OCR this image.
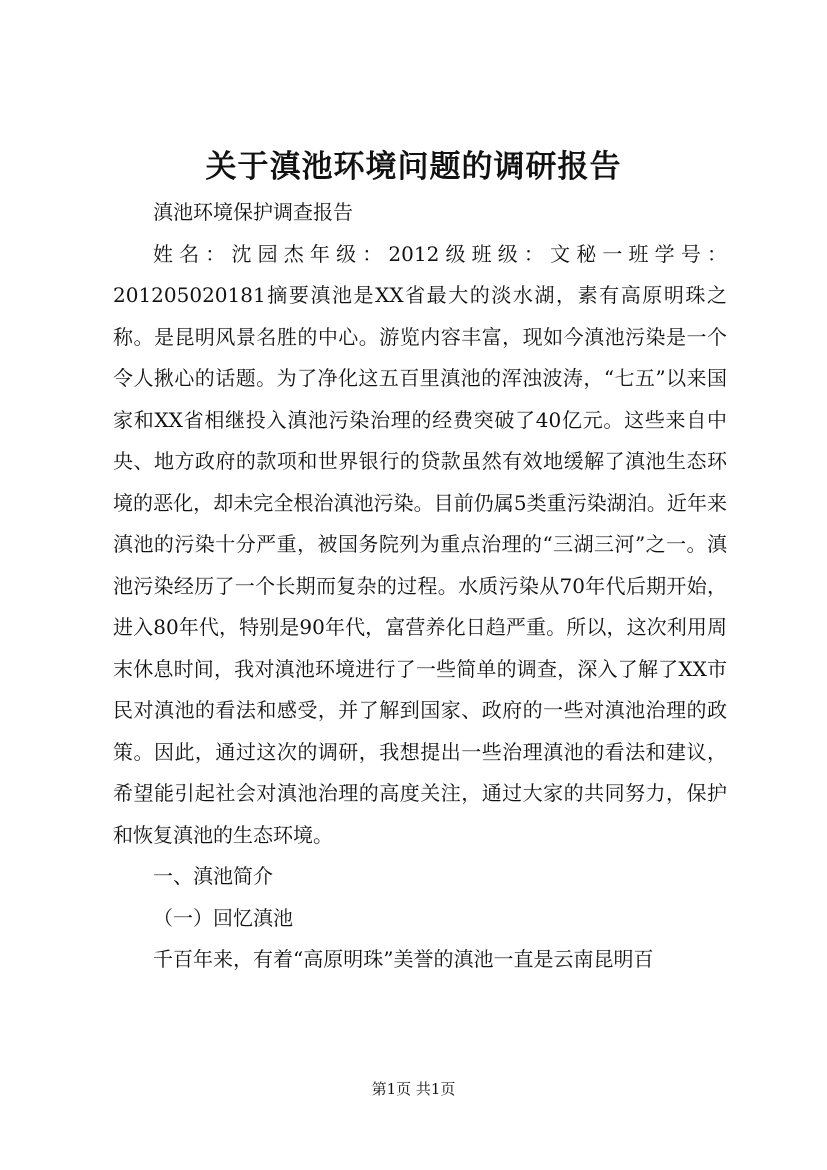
关于滇池环境问题的调研报告

滇池环境保护调查报告

姓名：沈园杰年级：2012级班级：文秘一班学号：

201205020181摘要滇池是XX省最大的淡水湖，素有高原明珠之称。是昆明风景名胜的中心。游览内容丰富，现如今滇池污染是一个令人揪心的话题。为了净化这五百里滇池的浑浊波涛，“七五”以来国家和XX省相继投入滇池污染治理的经费突破了40亿元。这些来自中央、地方政府的款项和世界银行的贷款虽然有效地缓解了滇池生态环境的恶化，却未完全根治滇池污染。目前仍属5类重污染湖泊。近年来滇池的污染十分严重，被国务院列为重点治理的“三湖三河”之一。滇池污染经历了一个长期而复杂的过程。水质污染从70年代后期开始，进入80年代，特别是90年代，富营养化日趋严重。所以，这次利用周末休息时间，我对滇池环境进行了一些简单的调查，深入了解了XX市民对滇池的看法和感受，并了解到国家、政府的一些对滇池治理的政策。因此，通过这次的调研，我想提出一些治理滇池的看法和建议，希望能引起社会对滇池治理的高度关注，通过大家的共同努力，保护和恢复滇池的生态环境。

一、滇池简介

（一）回忆滇池

千百年来，有着“高原明珠”美誉的滇池一直是云南昆明百

第1页 共1页
